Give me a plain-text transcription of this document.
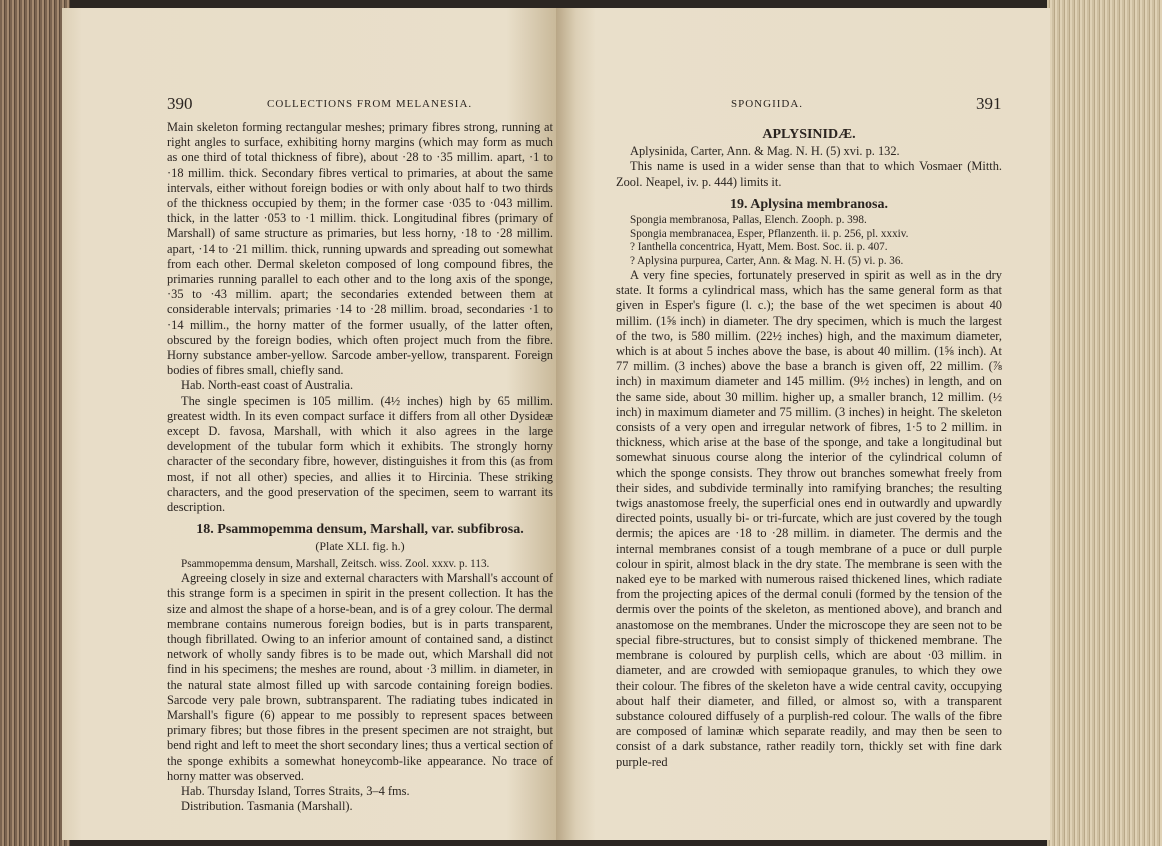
390	COLLECTIONS FROM MELANESIA.

Main skeleton forming rectangular meshes; primary fibres strong, running at right angles to surface, exhibiting horny margins (which may form as much as one third of total thickness of fibre), about ·28 to ·35 millim. apart, ·1 to ·18 millim. thick. Secondary fibres vertical to primaries, at about the same intervals, either without foreign bodies or with only about half to two thirds of the thickness occupied by them; in the former case ·035 to ·043 millim. thick, in the latter ·053 to ·1 millim. thick. Longitudinal fibres (primary of Marshall) of same structure as primaries, but less horny, ·18 to ·28 millim. apart, ·14 to ·21 millim. thick, running upwards and spreading out somewhat from each other. Dermal skeleton composed of long compound fibres, the primaries running parallel to each other and to the long axis of the sponge, ·35 to ·43 millim. apart; the secondaries extended between them at considerable intervals; primaries ·14 to ·28 millim. broad, secondaries ·1 to ·14 millim., the horny matter of the former usually, of the latter often, obscured by the foreign bodies, which often project much from the fibre. Horny substance amber-yellow. Sarcode amber-yellow, transparent. Foreign bodies of fibres small, chiefly sand.

Hab. North-east coast of Australia.

The single specimen is 105 millim. (4½ inches) high by 65 millim. greatest width. In its even compact surface it differs from all other Dysideæ except D. favosa, Marshall, with which it also agrees in the large development of the tubular form which it exhibits. The strongly horny character of the secondary fibre, however, distinguishes it from this (as from most, if not all other) species, and allies it to Hircinia. These striking characters, and the good preservation of the specimen, seem to warrant its description.

18. Psammopemma densum, Marshall, var. subfibrosa.
(Plate XLI. fig. h.)

Psammopemma densum, Marshall, Zeitsch. wiss. Zool. xxxv. p. 113.

Agreeing closely in size and external characters with Marshall's account of this strange form is a specimen in spirit in the present collection. It has the size and almost the shape of a horse-bean, and is of a grey colour. The dermal membrane contains numerous foreign bodies, but is in parts transparent, though fibrillated. Owing to an inferior amount of contained sand, a distinct network of wholly sandy fibres is to be made out, which Marshall did not find in his specimens; the meshes are round, about ·3 millim. in diameter, in the natural state almost filled up with sarcode containing foreign bodies. Sarcode very pale brown, subtransparent. The radiating tubes indicated in Marshall's figure (6) appear to me possibly to represent spaces between primary fibres; but those fibres in the present specimen are not straight, but bend right and left to meet the short secondary lines; thus a vertical section of the sponge exhibits a somewhat honeycomb-like appearance. No trace of horny matter was observed.

Hab. Thursday Island, Torres Straits, 3–4 fms.

Distribution. Tasmania (Marshall).

SPONGIIDA.	391
APLYSINIDÆ.

Aplysinida, Carter, Ann. & Mag. N. H. (5) xvi. p. 132.

This name is used in a wider sense than that to which Vosmaer (Mitth. Zool. Neapel, iv. p. 444) limits it.

19. Aplysina membranosa.

Spongia membranosa, Pallas, Elench. Zooph. p. 398.

Spongia membranacea, Esper, Pflanzenth. ii. p. 256, pl. xxxiv.

? Ianthella concentrica, Hyatt, Mem. Bost. Soc. ii. p. 407.

? Aplysina purpurea, Carter, Ann. & Mag. N. H. (5) vi. p. 36.

A very fine species, fortunately preserved in spirit as well as in the dry state. It forms a cylindrical mass, which has the same general form as that given in Esper's figure (l. c.); the base of the wet specimen is about 40 millim. (1⅝ inch) in diameter. The dry specimen, which is much the largest of the two, is 580 millim. (22½ inches) high, and the maximum diameter, which is at about 5 inches above the base, is about 40 millim. (1⅝ inch). At 77 millim. (3 inches) above the base a branch is given off, 22 millim. (⅞ inch) in maximum diameter and 145 millim. (9½ inches) in length, and on the same side, about 30 millim. higher up, a smaller branch, 12 millim. (½ inch) in maximum diameter and 75 millim. (3 inches) in height. The skeleton consists of a very open and irregular network of fibres, 1·5 to 2 millim. in thickness, which arise at the base of the sponge, and take a longitudinal but somewhat sinuous course along the interior of the cylindrical column of which the sponge consists. They throw out branches somewhat freely from their sides, and subdivide terminally into ramifying branches; the resulting twigs anastomose freely, the superficial ones end in outwardly and upwardly directed points, usually bi- or tri-furcate, which are just covered by the tough dermis; the apices are ·18 to ·28 millim. in diameter. The dermis and the internal membranes consist of a tough membrane of a puce or dull purple colour in spirit, almost black in the dry state. The membrane is seen with the naked eye to be marked with numerous raised thickened lines, which radiate from the projecting apices of the dermal conuli (formed by the tension of the dermis over the points of the skeleton, as mentioned above), and branch and anastomose on the membranes. Under the microscope they are seen not to be special fibre-structures, but to consist simply of thickened membrane. The membrane is coloured by purplish cells, which are about ·03 millim. in diameter, and are crowded with semiopaque granules, to which they owe their colour. The fibres of the skeleton have a wide central cavity, occupying about half their diameter, and filled, or almost so, with a transparent substance coloured diffusely of a purplish-red colour. The walls of the fibre are composed of laminæ which separate readily, and may then be seen to consist of a dark substance, rather readily torn, thickly set with fine dark purple-red
